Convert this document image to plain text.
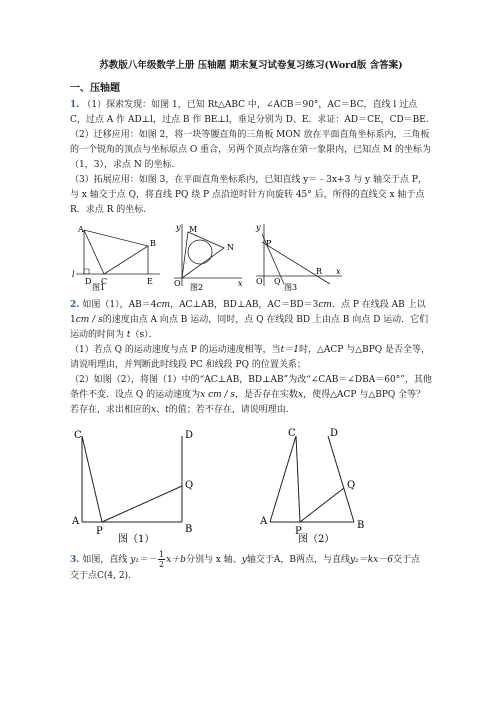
苏教版八年级数学上册 压轴题 期末复习试卷复习练习(Word版 含答案)
一、压轴题

1. （1）探索发现：如图 1，已知 Rt△ABC 中，∠ACB＝90°，AC＝BC，直线 l 过点 C，过点 A 作 AD⊥l，过点 B 作 BE⊥l，垂足分别为 D、E．求证：AD＝CE，CD＝BE.

（2）迁移应用：如图 2，将一块等腰直角的三角板 MON 放在平面直角坐标系内，三角板的一个锐角的顶点与坐标原点 O 重合，另两个顶点均落在第一象限内，已知点 M 的坐标为（1，3），求点 N 的坐标.

（3）拓展应用：如图 3，在平面直角坐标系内，已知直线 y＝﹣3x+3 与 y 轴交于点 P，与 x 轴交于点 Q，将直线 PQ 绕 P 点沿逆时针方向旋转 45° 后，所得的直线交 x 轴于点 R．求点 R 的坐标.

A
B
C
D	E
l
图1
y M
N
O	x
图2
y
P
O Q
R x
图3

2. 如图（1），AB＝4cm，AC⊥AB，BD⊥AB，AC＝BD＝3cm．点 P 在线段 AB 上以 1cm / s的速度由点 A 向点 B 运动，同时，点 Q 在线段 BD 上由点 B 向点 D 运动．它们运动的时间为 t（s）．

（1）若点 Q 的运动速度与点 P 的运动速度相等，当t＝1时，△ACP 与△BPQ 是否全等，请说明理由，并判断此时线段 PC 和线段 PQ 的位置关系；

（2）如图（2），将图（1）中的“AC⊥AB，BD⊥AB”为改“∠CAB＝∠DBA＝60°”，其他条件不变．设点 Q 的运动速度为x cm / s，是否存在实数x，使得△ACP 与△BPQ 全等？若存在，求出相应的x、t的值；若不存在，请说明理由.

C	D
Q
A
P	B
图（1）
C	D
Q
A
P
B
图（2）

3. 如图，直线 $y_1=- \frac{1}{2} x+b$分别与 x 轴、y轴交于A，B两点，与直线y₂＝kx－6交于点

交于点C(4, 2).
